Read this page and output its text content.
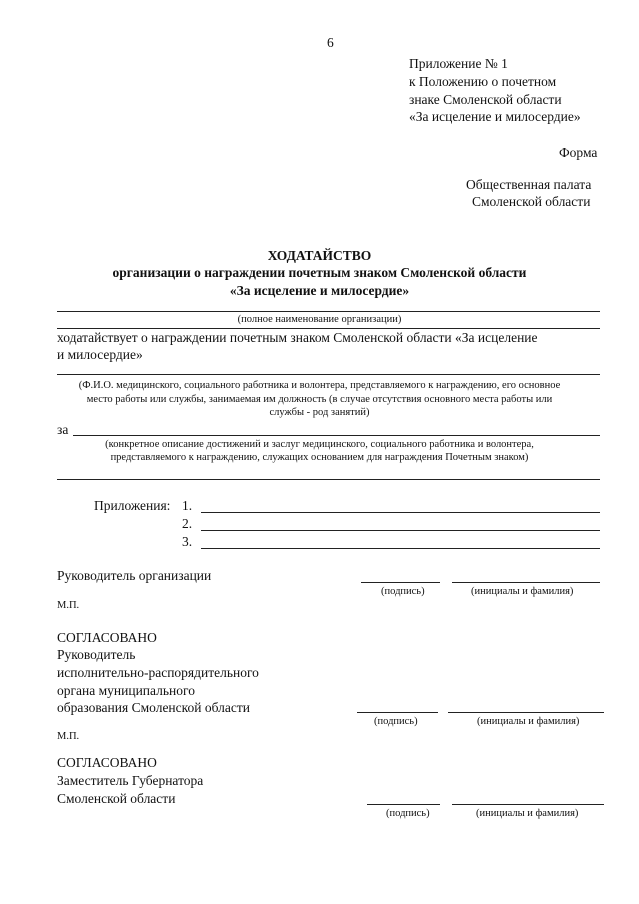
6
Приложение № 1
к Положению о почетном
знаке Смоленской области
«За исцеление и милосердие»
Форма
Общественная палата
Смоленской области
ХОДАТАЙСТВО
организации о награждении почетным знаком Смоленской области
«За исцеление и милосердие»
(полное наименование организации)
ходатайствует о награждении почетным знаком Смоленской области «За исцеление
и милосердие»
(Ф.И.О. медицинского, социального работника и волонтера, представляемого к награждению, его основное
место работы или службы, занимаемая им должность (в случае отсутствия основного места работы или
службы - род занятий)
за
(конкретное описание достижений и заслуг медицинского, социального работника и волонтера,
представляемого к награждению, служащих основанием для награждения Почетным знаком)
Приложения: 1.
2.
3.
Руководитель организации
(подпись)	(инициалы и фамилия)
М.П.
СОГЛАСОВАНО
Руководитель
исполнительно-распорядительного
органа муниципального
образования Смоленской области
(подпись)	(инициалы и фамилия)
М.П.
СОГЛАСОВАНО
Заместитель Губернатора
Смоленской области
(подпись)	(инициалы и фамилия)
